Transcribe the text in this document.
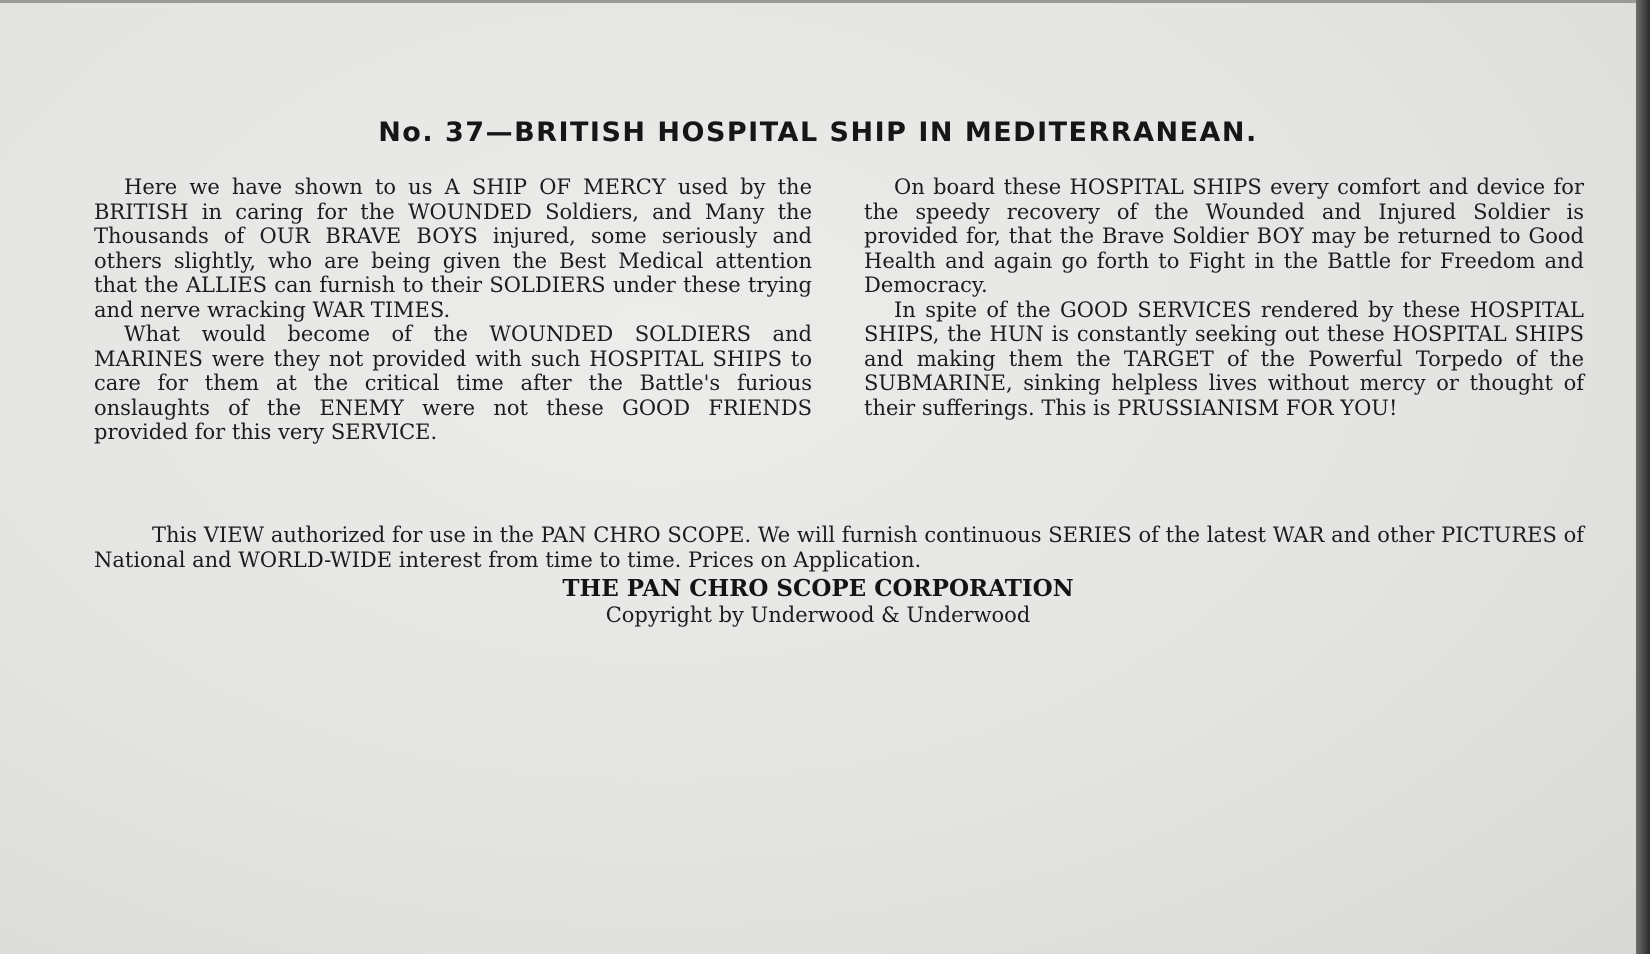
No. 37—BRITISH HOSPITAL SHIP IN MEDITERRANEAN.

Here we have shown to us A SHIP OF MERCY used by the BRITISH in caring for the WOUNDED Soldiers, and Many the Thousands of OUR BRAVE BOYS injured, some seriously and others slightly, who are being given the Best Medical attention that the ALLIES can furnish to their SOLDIERS under these trying and nerve wracking WAR TIMES.

What would become of the WOUNDED SOLDIERS and MARINES were they not provided with such HOSPITAL SHIPS to care for them at the critical time after the Battle's furious onslaughts of the ENEMY were not these GOOD FRIENDS provided for this very SERVICE.

On board these HOSPITAL SHIPS every comfort and device for the speedy recovery of the Wounded and Injured Soldier is provided for, that the Brave Soldier BOY may be returned to Good Health and again go forth to Fight in the Battle for Freedom and Democracy.

In spite of the GOOD SERVICES rendered by these HOSPITAL SHIPS, the HUN is constantly seeking out these HOSPITAL SHIPS and making them the TARGET of the Powerful Torpedo of the SUBMARINE, sinking helpless lives without mercy or thought of their sufferings. This is PRUSSIANISM FOR YOU!

This VIEW authorized for use in the PAN CHRO SCOPE. We will furnish continuous SERIES of the latest WAR and other PICTURES of National and WORLD-WIDE interest from time to time. Prices on Application.

THE PAN CHRO SCOPE CORPORATION

Copyright by Underwood & Underwood
